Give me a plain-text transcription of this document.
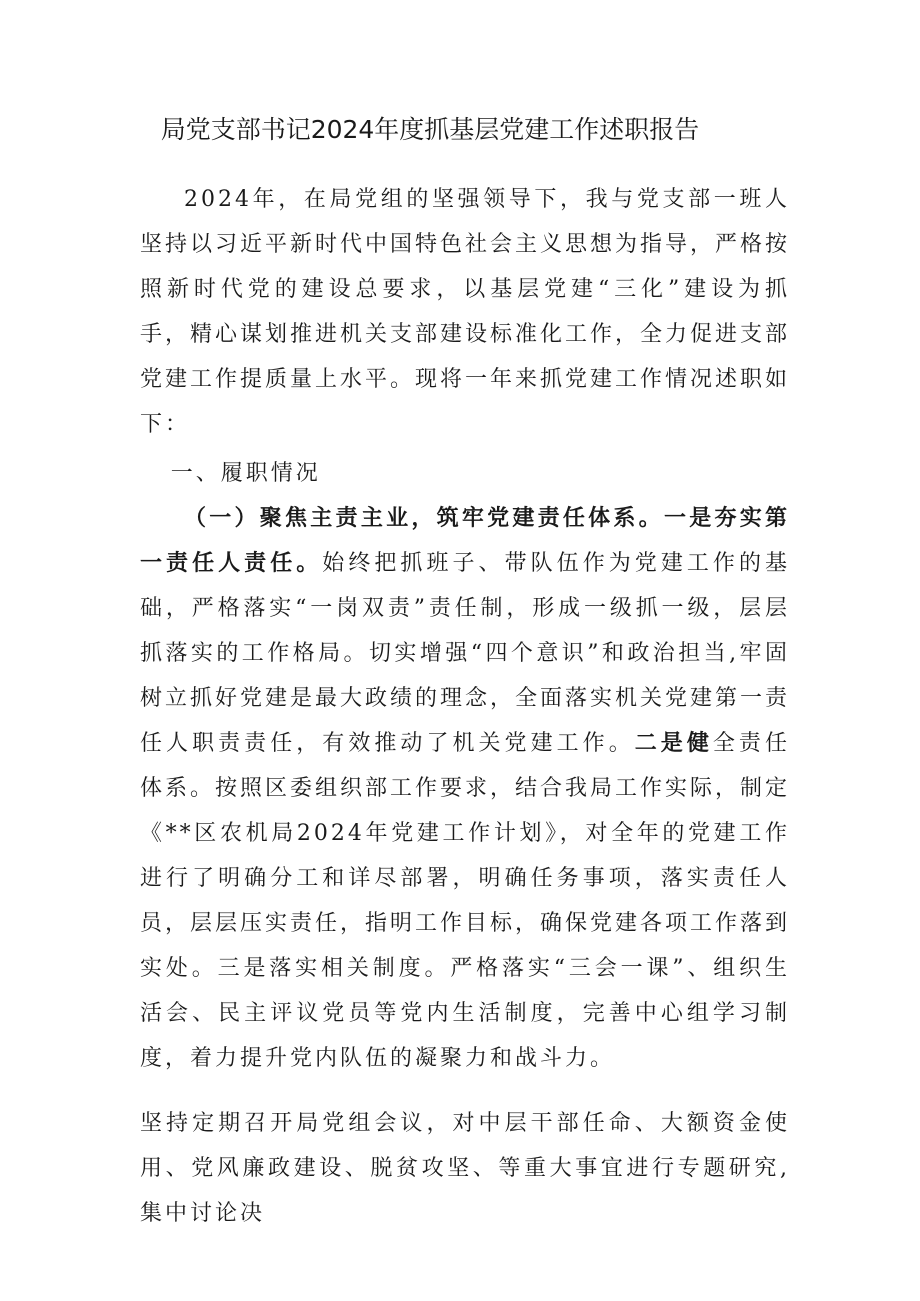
局党支部书记2024年度抓基层党建工作述职报告

2024年，在局党组的坚强领导下，我与党支部一班人坚持以习近平新时代中国特色社会主义思想为指导，严格按照新时代党的建设总要求，以基层党建“三化”建设为抓手，精心谋划推进机关支部建设标准化工作，全力促进支部党建工作提质量上水平。现将一年来抓党建工作情况述职如下：

一、履职情况

（一）聚焦主责主业，筑牢党建责任体系。一是夯实第一责任人责任。始终把抓班子、带队伍作为党建工作的基础，严格落实“一岗双责”责任制，形成一级抓一级，层层抓落实的工作格局。切实增强“四个意识”和政治担当,牢固树立抓好党建是最大政绩的理念，全面落实机关党建第一责任人职责责任，有效推动了机关党建工作。二是健全责任体系。按照区委组织部工作要求，结合我局工作实际，制定《**区农机局2024年党建工作计划》，对全年的党建工作进行了明确分工和详尽部署，明确任务事项，落实责任人员，层层压实责任，指明工作目标，确保党建各项工作落到实处。三是落实相关制度。严格落实“三会一课”、组织生活会、民主评议党员等党内生活制度，完善中心组学习制度，着力提升党内队伍的凝聚力和战斗力。

坚持定期召开局党组会议，对中层干部任命、大额资金使用、党风廉政建设、脱贫攻坚、等重大事宜进行专题研究,集中讨论决
